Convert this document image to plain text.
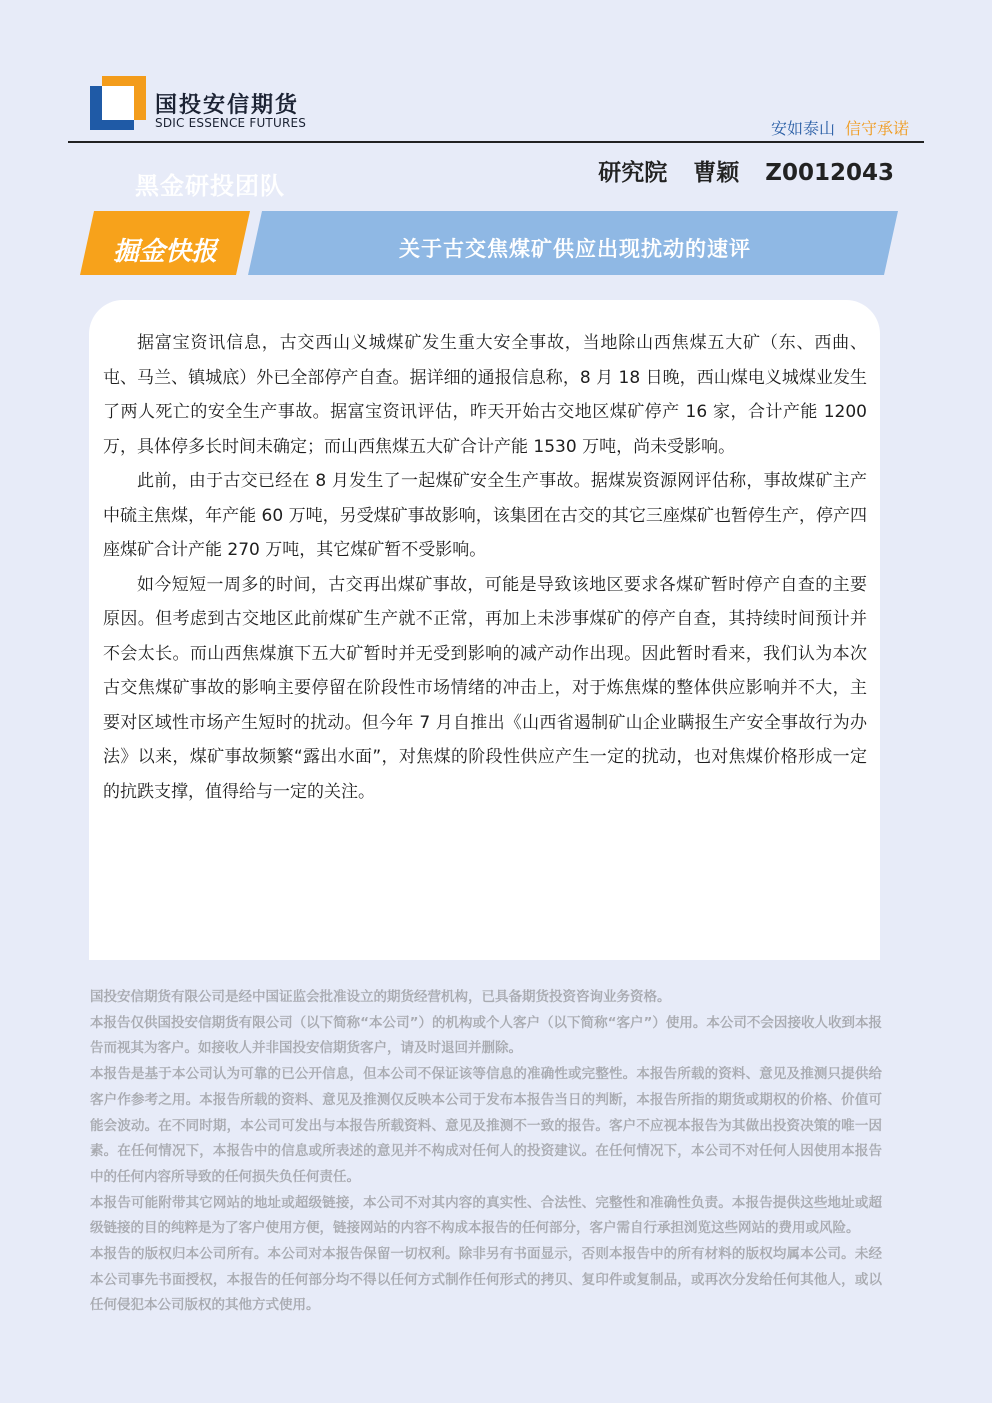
国投安信期货
SDIC ESSENCE FUTURES	安如泰山 信守承诺
黑金研投团队	研究院 曹颖 Z0012043
掘金快报	关于古交焦煤矿供应出现扰动的速评

据富宝资讯信息，古交西山义城煤矿发生重大安全事故，当地除山西焦煤五大矿（东、西曲、屯、马兰、镇城底）外已全部停产自查。据详细的通报信息称，8 月 18 日晚，西山煤电义城煤业发生了两人死亡的安全生产事故。据富宝资讯评估，昨天开始古交地区煤矿停产 16 家，合计产能 1200 万，具体停多长时间未确定；而山西焦煤五大矿合计产能 1530 万吨，尚未受影响。

此前，由于古交已经在 8 月发生了一起煤矿安全生产事故。据煤炭资源网评估称，事故煤矿主产中硫主焦煤，年产能 60 万吨，另受煤矿事故影响，该集团在古交的其它三座煤矿也暂停生产，停产四座煤矿合计产能 270 万吨，其它煤矿暂不受影响。

如今短短一周多的时间，古交再出煤矿事故，可能是导致该地区要求各煤矿暂时停产自查的主要原因。但考虑到古交地区此前煤矿生产就不正常，再加上未涉事煤矿的停产自查，其持续时间预计并不会太长。而山西焦煤旗下五大矿暂时并无受到影响的减产动作出现。因此暂时看来，我们认为本次古交焦煤矿事故的影响主要停留在阶段性市场情绪的冲击上，对于炼焦煤的整体供应影响并不大，主要对区域性市场产生短时的扰动。但今年 7 月自推出《山西省遏制矿山企业瞒报生产安全事故行为办法》以来，煤矿事故频繁“露出水面”，对焦煤的阶段性供应产生一定的扰动，也对焦煤价格形成一定的抗跌支撑，值得给与一定的关注。

国投安信期货有限公司是经中国证监会批准设立的期货经营机构，已具备期货投资咨询业务资格。

本报告仅供国投安信期货有限公司（以下简称“本公司”）的机构或个人客户（以下简称“客户”）使用。本公司不会因接收人收到本报告而视其为客户。如接收人并非国投安信期货客户，请及时退回并删除。

本报告是基于本公司认为可靠的已公开信息，但本公司不保证该等信息的准确性或完整性。本报告所载的资料、意见及推测只提供给客户作参考之用。本报告所载的资料、意见及推测仅反映本公司于发布本报告当日的判断，本报告所指的期货或期权的价格、价值可能会波动。在不同时期，本公司可发出与本报告所载资料、意见及推测不一致的报告。客户不应视本报告为其做出投资决策的唯一因素。在任何情况下，本报告中的信息或所表述的意见并不构成对任何人的投资建议。在任何情况下，本公司不对任何人因使用本报告中的任何内容所导致的任何损失负任何责任。

本报告可能附带其它网站的地址或超级链接，本公司不对其内容的真实性、合法性、完整性和准确性负责。本报告提供这些地址或超级链接的目的纯粹是为了客户使用方便，链接网站的内容不构成本报告的任何部分，客户需自行承担浏览这些网站的费用或风险。

本报告的版权归本公司所有。本公司对本报告保留一切权利。除非另有书面显示，否则本报告中的所有材料的版权均属本公司。未经本公司事先书面授权，本报告的任何部分均不得以任何方式制作任何形式的拷贝、复印件或复制品，或再次分发给任何其他人，或以任何侵犯本公司版权的其他方式使用。
